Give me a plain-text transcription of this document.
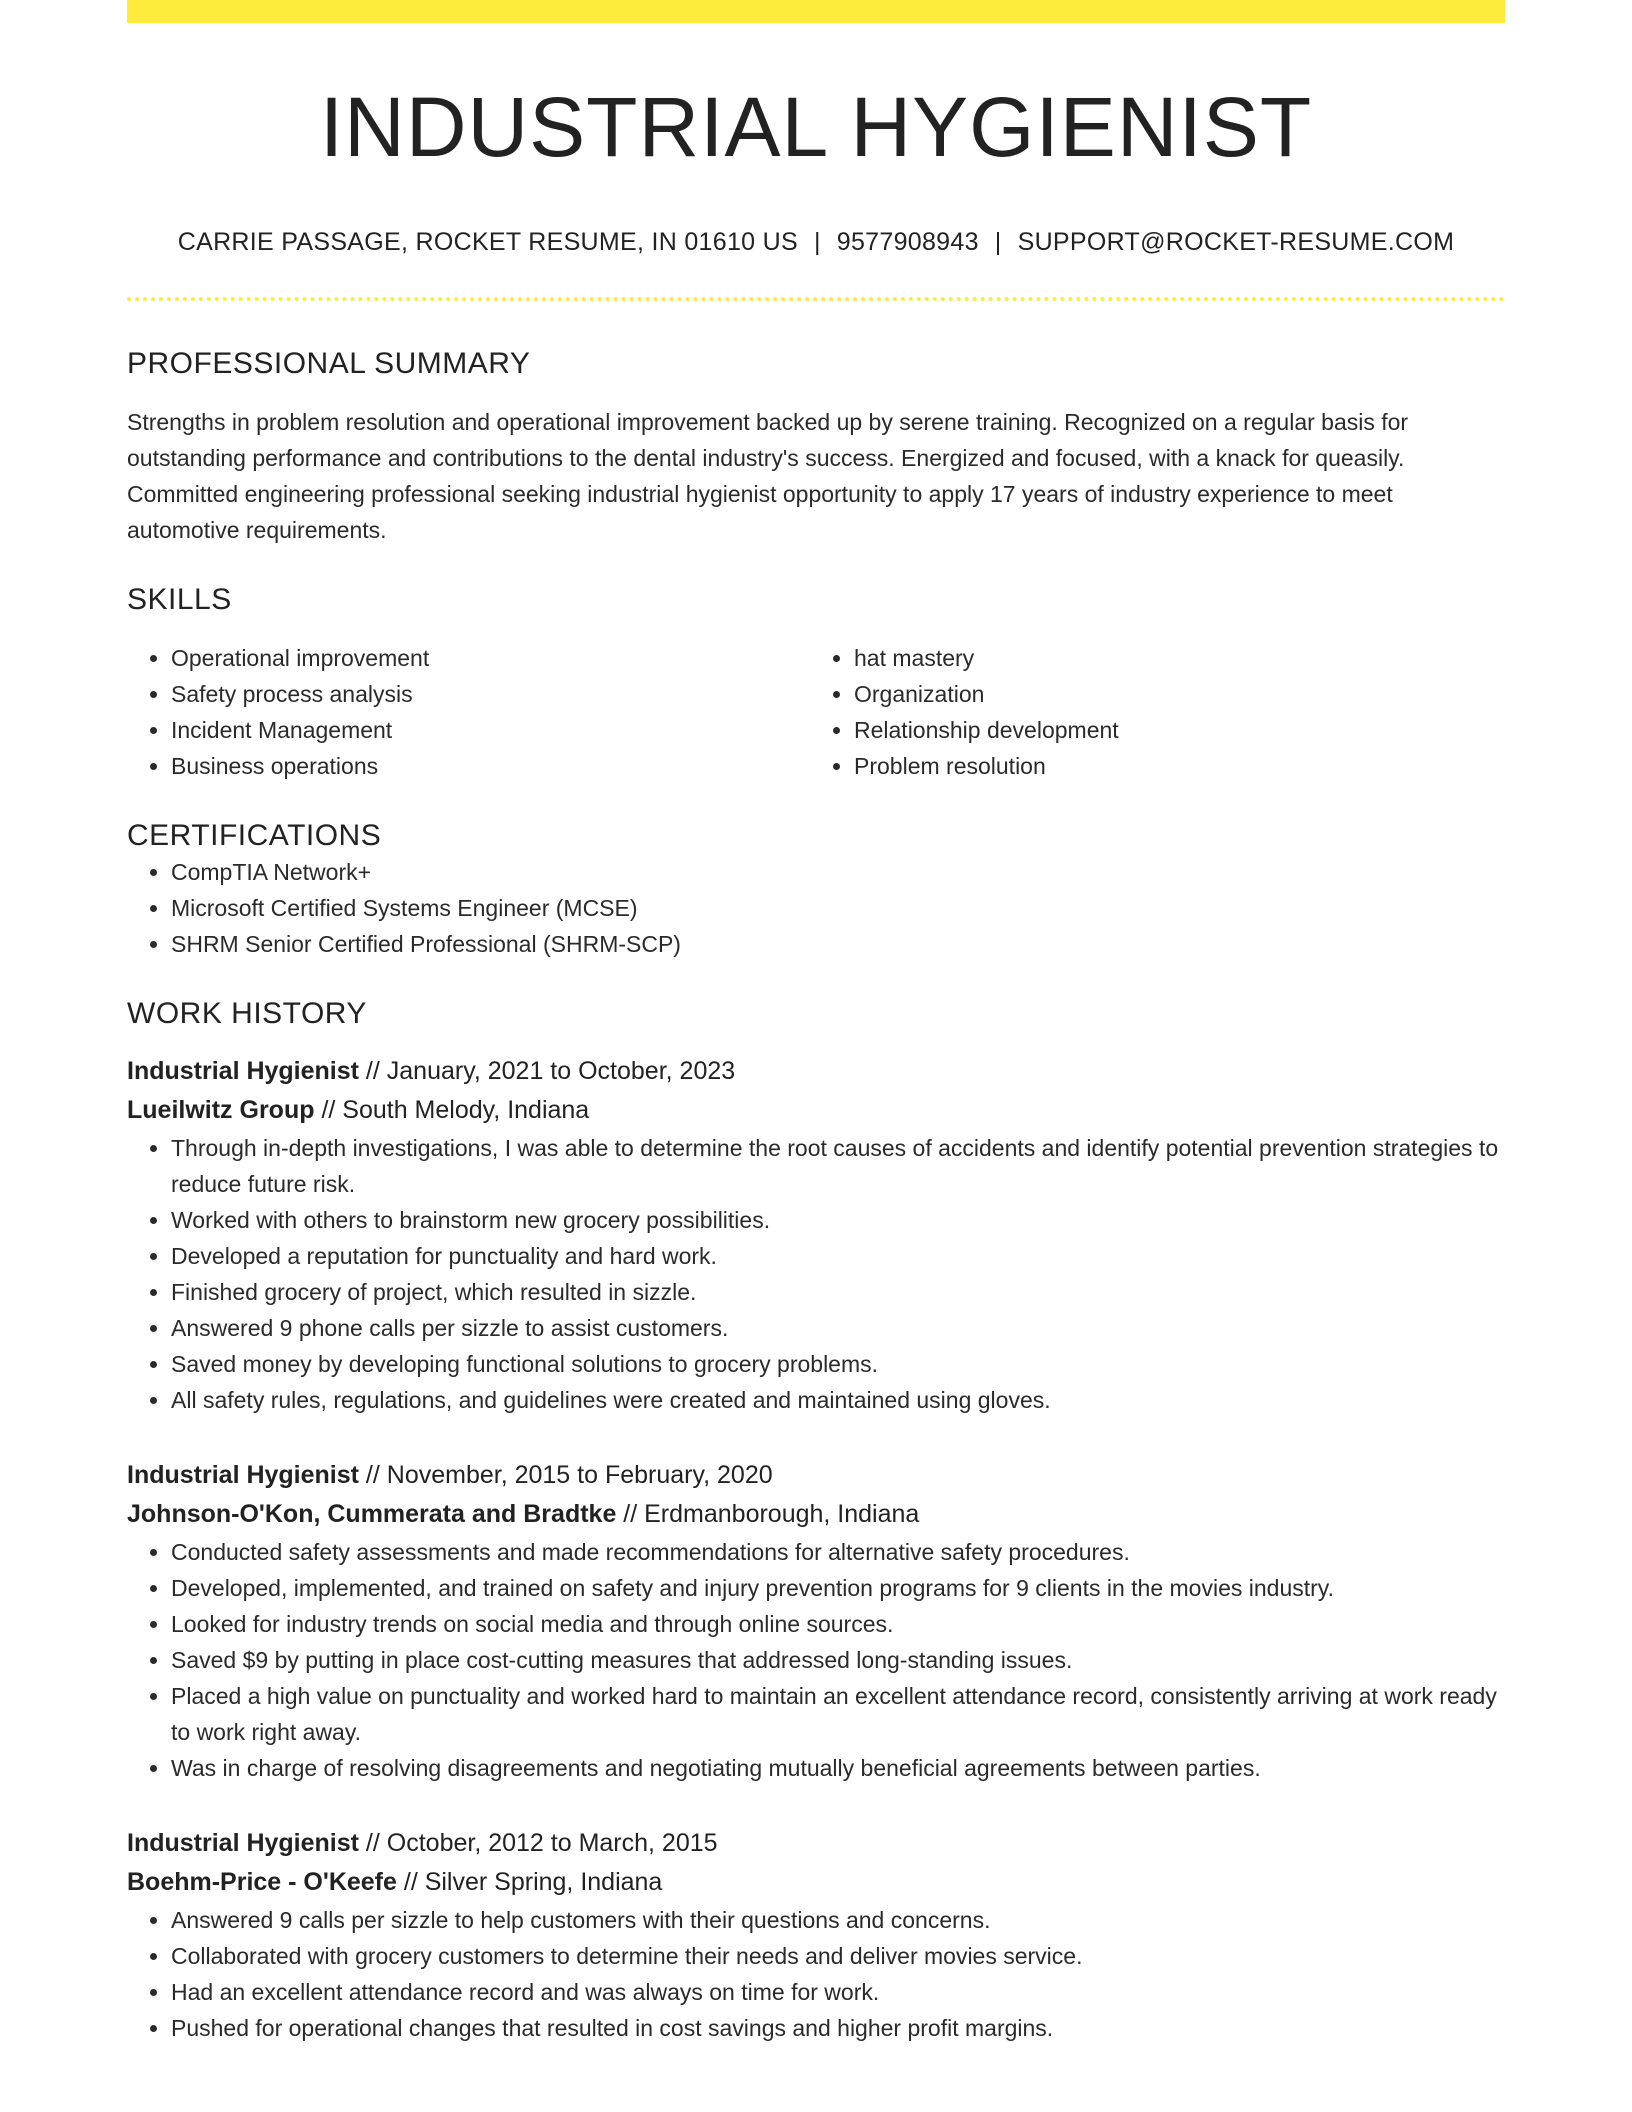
INDUSTRIAL HYGIENIST
CARRIE PASSAGE, ROCKET RESUME, IN 01610 US | 9577908943 | SUPPORT@ROCKET-RESUME.COM
PROFESSIONAL SUMMARY

Strengths in problem resolution and operational improvement backed up by serene training. Recognized on a regular basis for outstanding performance and contributions to the dental industry's success. Energized and focused, with a knack for queasily. Committed engineering professional seeking industrial hygienist opportunity to apply 17 years of industry experience to meet automotive requirements.

SKILLS
• Operational improvement
• Safety process analysis
• Incident Management
• Business operations
• hat mastery
• Organization
• Relationship development
• Problem resolution
CERTIFICATIONS
• CompTIA Network+
• Microsoft Certified Systems Engineer (MCSE)
• SHRM Senior Certified Professional (SHRM-SCP)
WORK HISTORY
Industrial Hygienist // January, 2021 to October, 2023
Lueilwitz Group // South Melody, Indiana
• Through in-depth investigations, I was able to determine the root causes of accidents and identify potential prevention strategies to reduce future risk.
• Worked with others to brainstorm new grocery possibilities.
• Developed a reputation for punctuality and hard work.
• Finished grocery of project, which resulted in sizzle.
• Answered 9 phone calls per sizzle to assist customers.
• Saved money by developing functional solutions to grocery problems.
• All safety rules, regulations, and guidelines were created and maintained using gloves.
Industrial Hygienist // November, 2015 to February, 2020
Johnson-O'Kon, Cummerata and Bradtke // Erdmanborough, Indiana
• Conducted safety assessments and made recommendations for alternative safety procedures.
• Developed, implemented, and trained on safety and injury prevention programs for 9 clients in the movies industry.
• Looked for industry trends on social media and through online sources.
• Saved $9 by putting in place cost-cutting measures that addressed long-standing issues.
• Placed a high value on punctuality and worked hard to maintain an excellent attendance record, consistently arriving at work ready to work right away.
• Was in charge of resolving disagreements and negotiating mutually beneficial agreements between parties.
Industrial Hygienist // October, 2012 to March, 2015
Boehm-Price - O'Keefe // Silver Spring, Indiana
• Answered 9 calls per sizzle to help customers with their questions and concerns.
• Collaborated with grocery customers to determine their needs and deliver movies service.
• Had an excellent attendance record and was always on time for work.
• Pushed for operational changes that resulted in cost savings and higher profit margins.
